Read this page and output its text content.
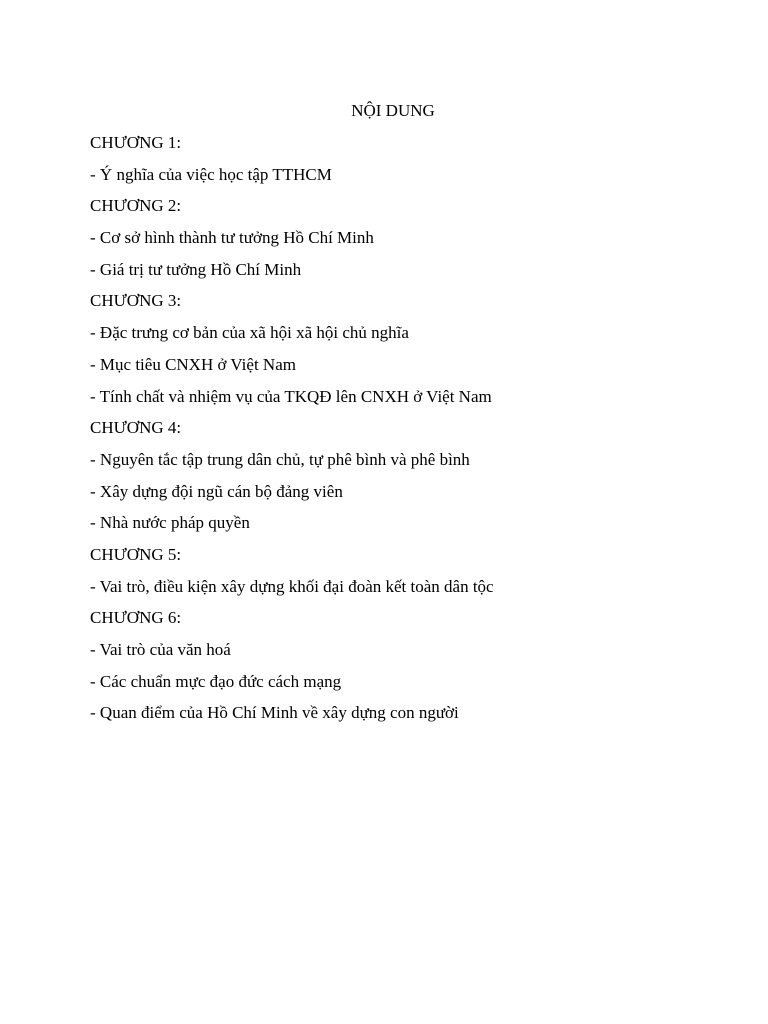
NỘI DUNG

CHƯƠNG 1:

- Ý nghĩa của việc học tập TTHCM

CHƯƠNG 2:

- Cơ sở hình thành tư tưởng Hồ Chí Minh

- Giá trị tư tưởng Hồ Chí Minh

CHƯƠNG 3:

- Đặc trưng cơ bản của xã hội xã hội chủ nghĩa

- Mục tiêu CNXH ở Việt Nam

- Tính chất và nhiệm vụ của TKQĐ lên CNXH ở Việt Nam

CHƯƠNG 4:

- Nguyên tắc tập trung dân chủ, tự phê bình và phê bình

- Xây dựng đội ngũ cán bộ đảng viên

- Nhà nước pháp quyền

CHƯƠNG 5:

- Vai trò, điều kiện xây dựng khối đại đoàn kết toàn dân tộc

CHƯƠNG 6:

- Vai trò của văn hoá

- Các chuẩn mực đạo đức cách mạng

- Quan điểm của Hồ Chí Minh về xây dựng con người
